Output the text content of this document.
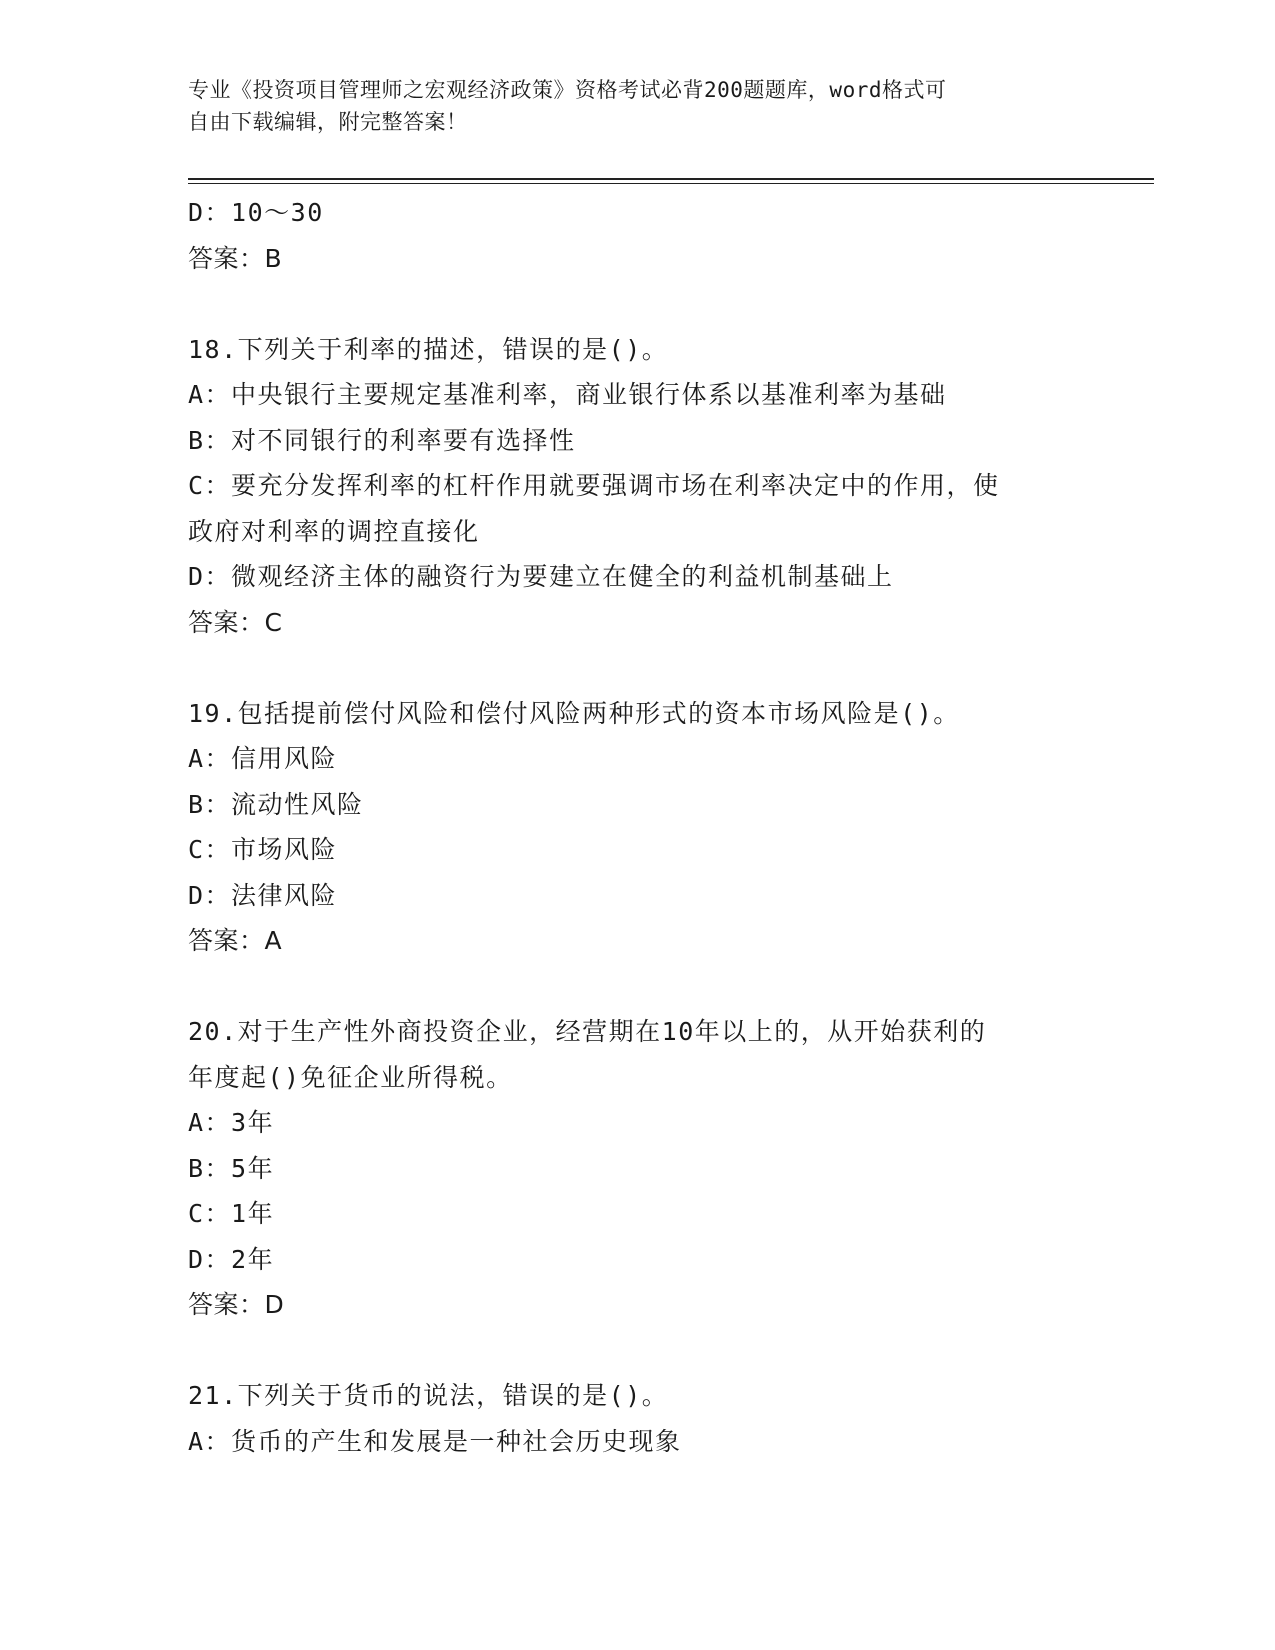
专业《投资项目管理师之宏观经济政策》资格考试必背200题题库，word格式可
自由下载编辑，附完整答案！
D：10～30
答案：B
18.下列关于利率的描述，错误的是()。
A：中央银行主要规定基准利率，商业银行体系以基准利率为基础
B：对不同银行的利率要有选择性
C：要充分发挥利率的杠杆作用就要强调市场在利率决定中的作用，使
政府对利率的调控直接化
D：微观经济主体的融资行为要建立在健全的利益机制基础上
答案：C
19.包括提前偿付风险和偿付风险两种形式的资本市场风险是()。
A：信用风险
B：流动性风险
C：市场风险
D：法律风险
答案：A
20.对于生产性外商投资企业，经营期在10年以上的，从开始获利的
年度起()免征企业所得税。
A：3年
B：5年
C：1年
D：2年
答案：D
21.下列关于货币的说法，错误的是()。
A：货币的产生和发展是一种社会历史现象
